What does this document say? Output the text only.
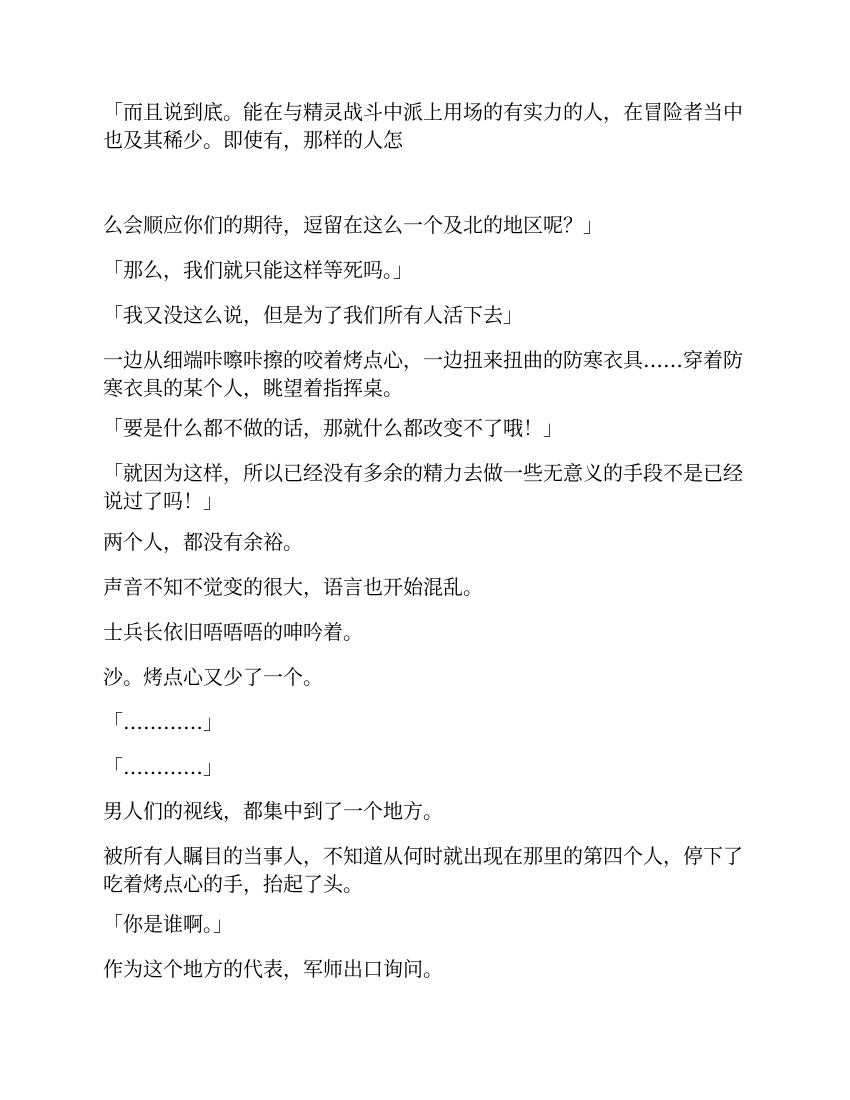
「而且说到底。能在与精灵战斗中派上用场的有实力的人，在冒险者当中也及其稀少。即使有，那样的人怎

么会顺应你们的期待，逗留在这么一个及北的地区呢？」

「那么，我们就只能这样等死吗。」

「我又没这么说，但是为了我们所有人活下去」

一边从细端咔嚓咔擦的咬着烤点心，一边扭来扭曲的防寒衣具……穿着防寒衣具的某个人，眺望着指挥桌。

「要是什么都不做的话，那就什么都改变不了哦！」

「就因为这样，所以已经没有多余的精力去做一些无意义的手段不是已经说过了吗！」

两个人，都没有余裕。

声音不知不觉变的很大，语言也开始混乱。

士兵长依旧唔唔唔的呻吟着。

沙。烤点心又少了一个。

「…………」

「…………」

男人们的视线，都集中到了一个地方。

被所有人瞩目的当事人，不知道从何时就出现在那里的第四个人，停下了吃着烤点心的手，抬起了头。

「你是谁啊。」

作为这个地方的代表，军师出口询问。
